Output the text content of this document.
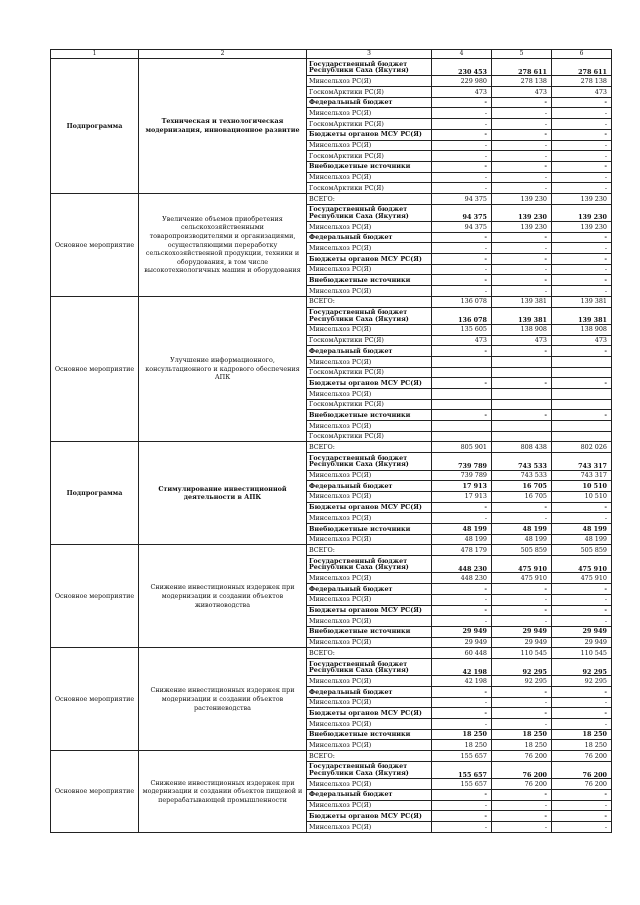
1	2	3	4	5	6
Подпрограмма	Техническая и технологическая модернизация, инновационное развитие	Государственный бюджет Республики Саха (Якутия)	230 453	278 611	278 611
		Минсельхоз РС(Я)	229 980	278 138	278 138
		ГоскомАрктики РС(Я)	473	473	473
		Федеральный бюджет	-	-	-
		Минсельхоз РС(Я)	-	-	-
		ГоскомАрктики РС(Я)	-	-	-
		Бюджеты органов МСУ РС(Я)	-	-	-
		Минсельхоз РС(Я)	-	-	-
		ГоскомАрктики РС(Я)	-	-	-
		Внебюджетные источники	-	-	-
		Минсельхоз РС(Я)	-	-	-
		ГоскомАрктики РС(Я)	-	-	-
Основное мероприятие	Увеличение объемов приобретения сельскохозяйственными товаропроизводителями и организациями, осуществляющими переработку сельскохозяйственной продукции, техники и оборудования, в том числе высокотехнологичных машин и оборудования	ВСЕГО:	94 375	139 230	139 230
		Государственный бюджет Республики Саха (Якутия)	94 375	139 230	139 230
		Минсельхоз РС(Я)	94 375	139 230	139 230
		Федеральный бюджет	-	-	-
		Минсельхоз РС(Я)	-	-	-
		Бюджеты органов МСУ РС(Я)	-	-	-
		Минсельхоз РС(Я)	-	-	-
		Внебюджетные источники	-	-	-
		Минсельхоз РС(Я)	-	-	-
Основное мероприятие	Улучшение информационного, консультационного и кадрового обеспечения АПК	ВСЕГО:	136 078	139 381	139 381
		Государственный бюджет Республики Саха (Якутия)	136 078	139 381	139 381
		Минсельхоз РС(Я)	135 605	138 908	138 908
		ГоскомАрктики РС(Я)	473	473	473
		Федеральный бюджет	-	-	-
		Минсельхоз РС(Я)			
		ГоскомАрктики РС(Я)			
		Бюджеты органов МСУ РС(Я)	-	-	-
		Минсельхоз РС(Я)			
		ГоскомАрктики РС(Я)			
		Внебюджетные источники	-	-	-
		Минсельхоз РС(Я)			
		ГоскомАрктики РС(Я)			
Подпрограмма	Стимулирование инвестиционной деятельности в АПК	ВСЕГО:	805 901	808 438	802 026
		Государственный бюджет Республики Саха (Якутия)	739 789	743 533	743 317
		Минсельхоз РС(Я)	739 789	743 533	743 317
		Федеральный бюджет	17 913	16 705	10 510
		Минсельхоз РС(Я)	17 913	16 705	10 510
		Бюджеты органов МСУ РС(Я)	-	-	-
		Минсельхоз РС(Я)	-	-	-
		Внебюджетные источники	48 199	48 199	48 199
		Минсельхоз РС(Я)	48 199	48 199	48 199
Основное мероприятие	Снижение инвестиционных издержек при модернизации и создании объектов животноводства	ВСЕГО:	478 179	505 859	505 859
		Государственный бюджет Республики Саха (Якутия)	448 230	475 910	475 910
		Минсельхоз РС(Я)	448 230	475 910	475 910
		Федеральный бюджет	-	-	-
		Минсельхоз РС(Я)	-	-	-
		Бюджеты органов МСУ РС(Я)	-	-	-
		Минсельхоз РС(Я)	-	-	-
		Внебюджетные источники	29 949	29 949	29 949
		Минсельхоз РС(Я)	29 949	29 949	29 949
Основное мероприятие	Снижение инвестиционных издержек при модернизации и создании объектов растениеводства	ВСЕГО:	60 448	110 545	110 545
		Государственный бюджет Республики Саха (Якутия)	42 198	92 295	92 295
		Минсельхоз РС(Я)	42 198	92 295	92 295
		Федеральный бюджет	-	-	-
		Минсельхоз РС(Я)	-	-	-
		Бюджеты органов МСУ РС(Я)	-	-	-
		Минсельхоз РС(Я)	-	-	-
		Внебюджетные источники	18 250	18 250	18 250
		Минсельхоз РС(Я)	18 250	18 250	18 250
Основное мероприятие	Снижение инвестиционных издержек при модернизации и создании объектов пищевой и перерабатывающей промышленности	ВСЕГО:	155 657	76 200	76 200
		Государственный бюджет Республики Саха (Якутия)	155 657	76 200	76 200
		Минсельхоз РС(Я)	155 657	76 200	76 200
		Федеральный бюджет	-	-	-
		Минсельхоз РС(Я)	-	-	-
		Бюджеты органов МСУ РС(Я)	-	-	-
		Минсельхоз РС(Я)	-	-	-
